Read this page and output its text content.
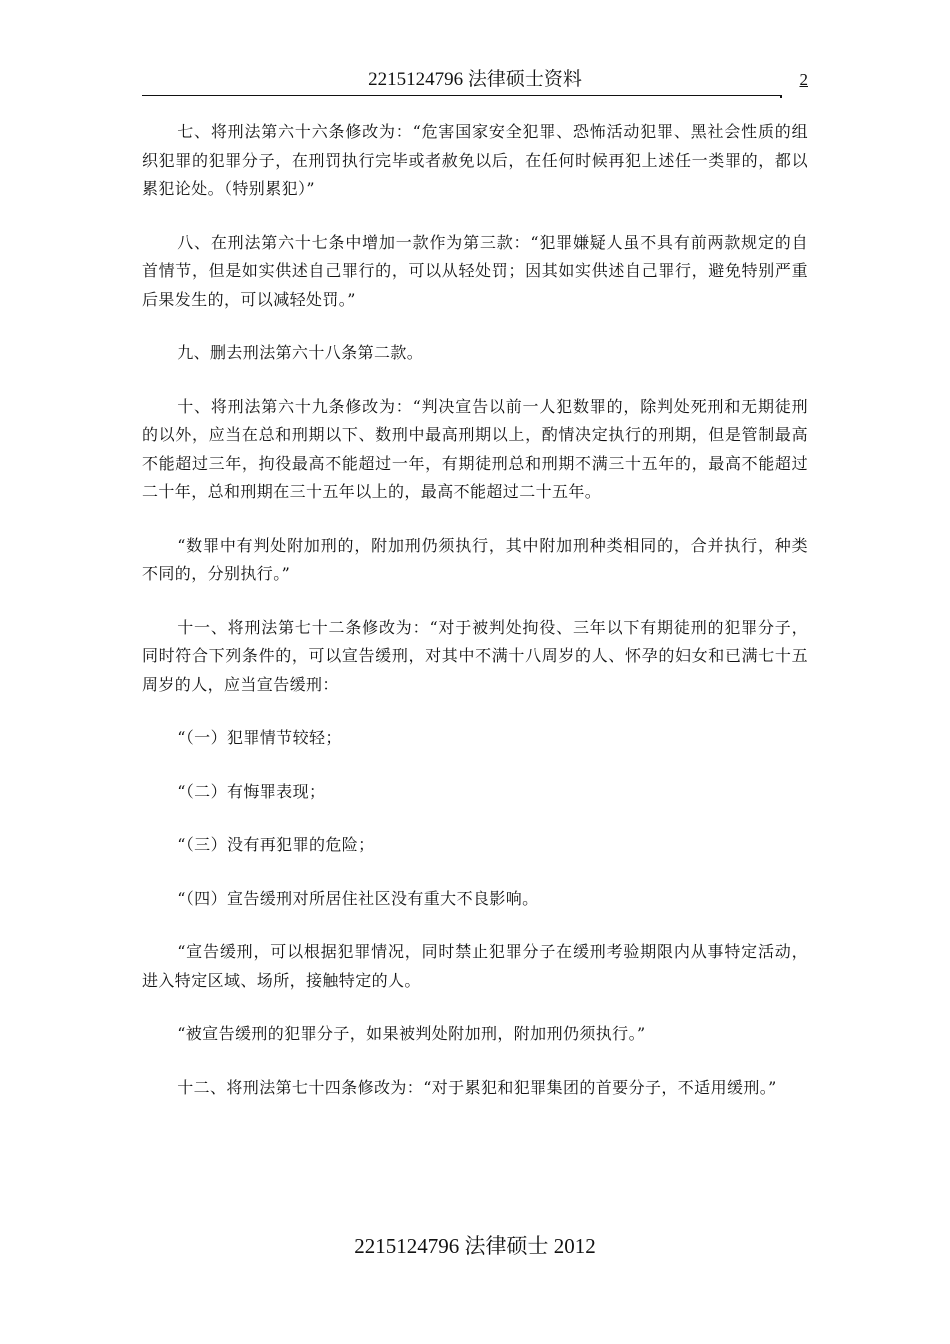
2215124796 法律硕士资料	2

七、将刑法第六十六条修改为：“危害国家安全犯罪、恐怖活动犯罪、黑社会性质的组织犯罪的犯罪分子，在刑罚执行完毕或者赦免以后，在任何时候再犯上述任一类罪的，都以累犯论处。（特别累犯）”

八、在刑法第六十七条中增加一款作为第三款：“犯罪嫌疑人虽不具有前两款规定的自首情节，但是如实供述自己罪行的，可以从轻处罚；因其如实供述自己罪行，避免特别严重后果发生的，可以减轻处罚。”

九、删去刑法第六十八条第二款。

十、将刑法第六十九条修改为：“判决宣告以前一人犯数罪的，除判处死刑和无期徒刑的以外，应当在总和刑期以下、数刑中最高刑期以上，酌情决定执行的刑期，但是管制最高不能超过三年，拘役最高不能超过一年，有期徒刑总和刑期不满三十五年的，最高不能超过二十年，总和刑期在三十五年以上的，最高不能超过二十五年。

“数罪中有判处附加刑的，附加刑仍须执行，其中附加刑种类相同的，合并执行，种类不同的，分别执行。”

十一、将刑法第七十二条修改为：“对于被判处拘役、三年以下有期徒刑的犯罪分子，同时符合下列条件的，可以宣告缓刑，对其中不满十八周岁的人、怀孕的妇女和已满七十五周岁的人，应当宣告缓刑：

“（一）犯罪情节较轻；

“（二）有悔罪表现；

“（三）没有再犯罪的危险；

“（四）宣告缓刑对所居住社区没有重大不良影响。

“宣告缓刑，可以根据犯罪情况，同时禁止犯罪分子在缓刑考验期限内从事特定活动，进入特定区域、场所，接触特定的人。

“被宣告缓刑的犯罪分子，如果被判处附加刑，附加刑仍须执行。”

十二、将刑法第七十四条修改为：“对于累犯和犯罪集团的首要分子，不适用缓刑。”

2215124796 法律硕士 2012
